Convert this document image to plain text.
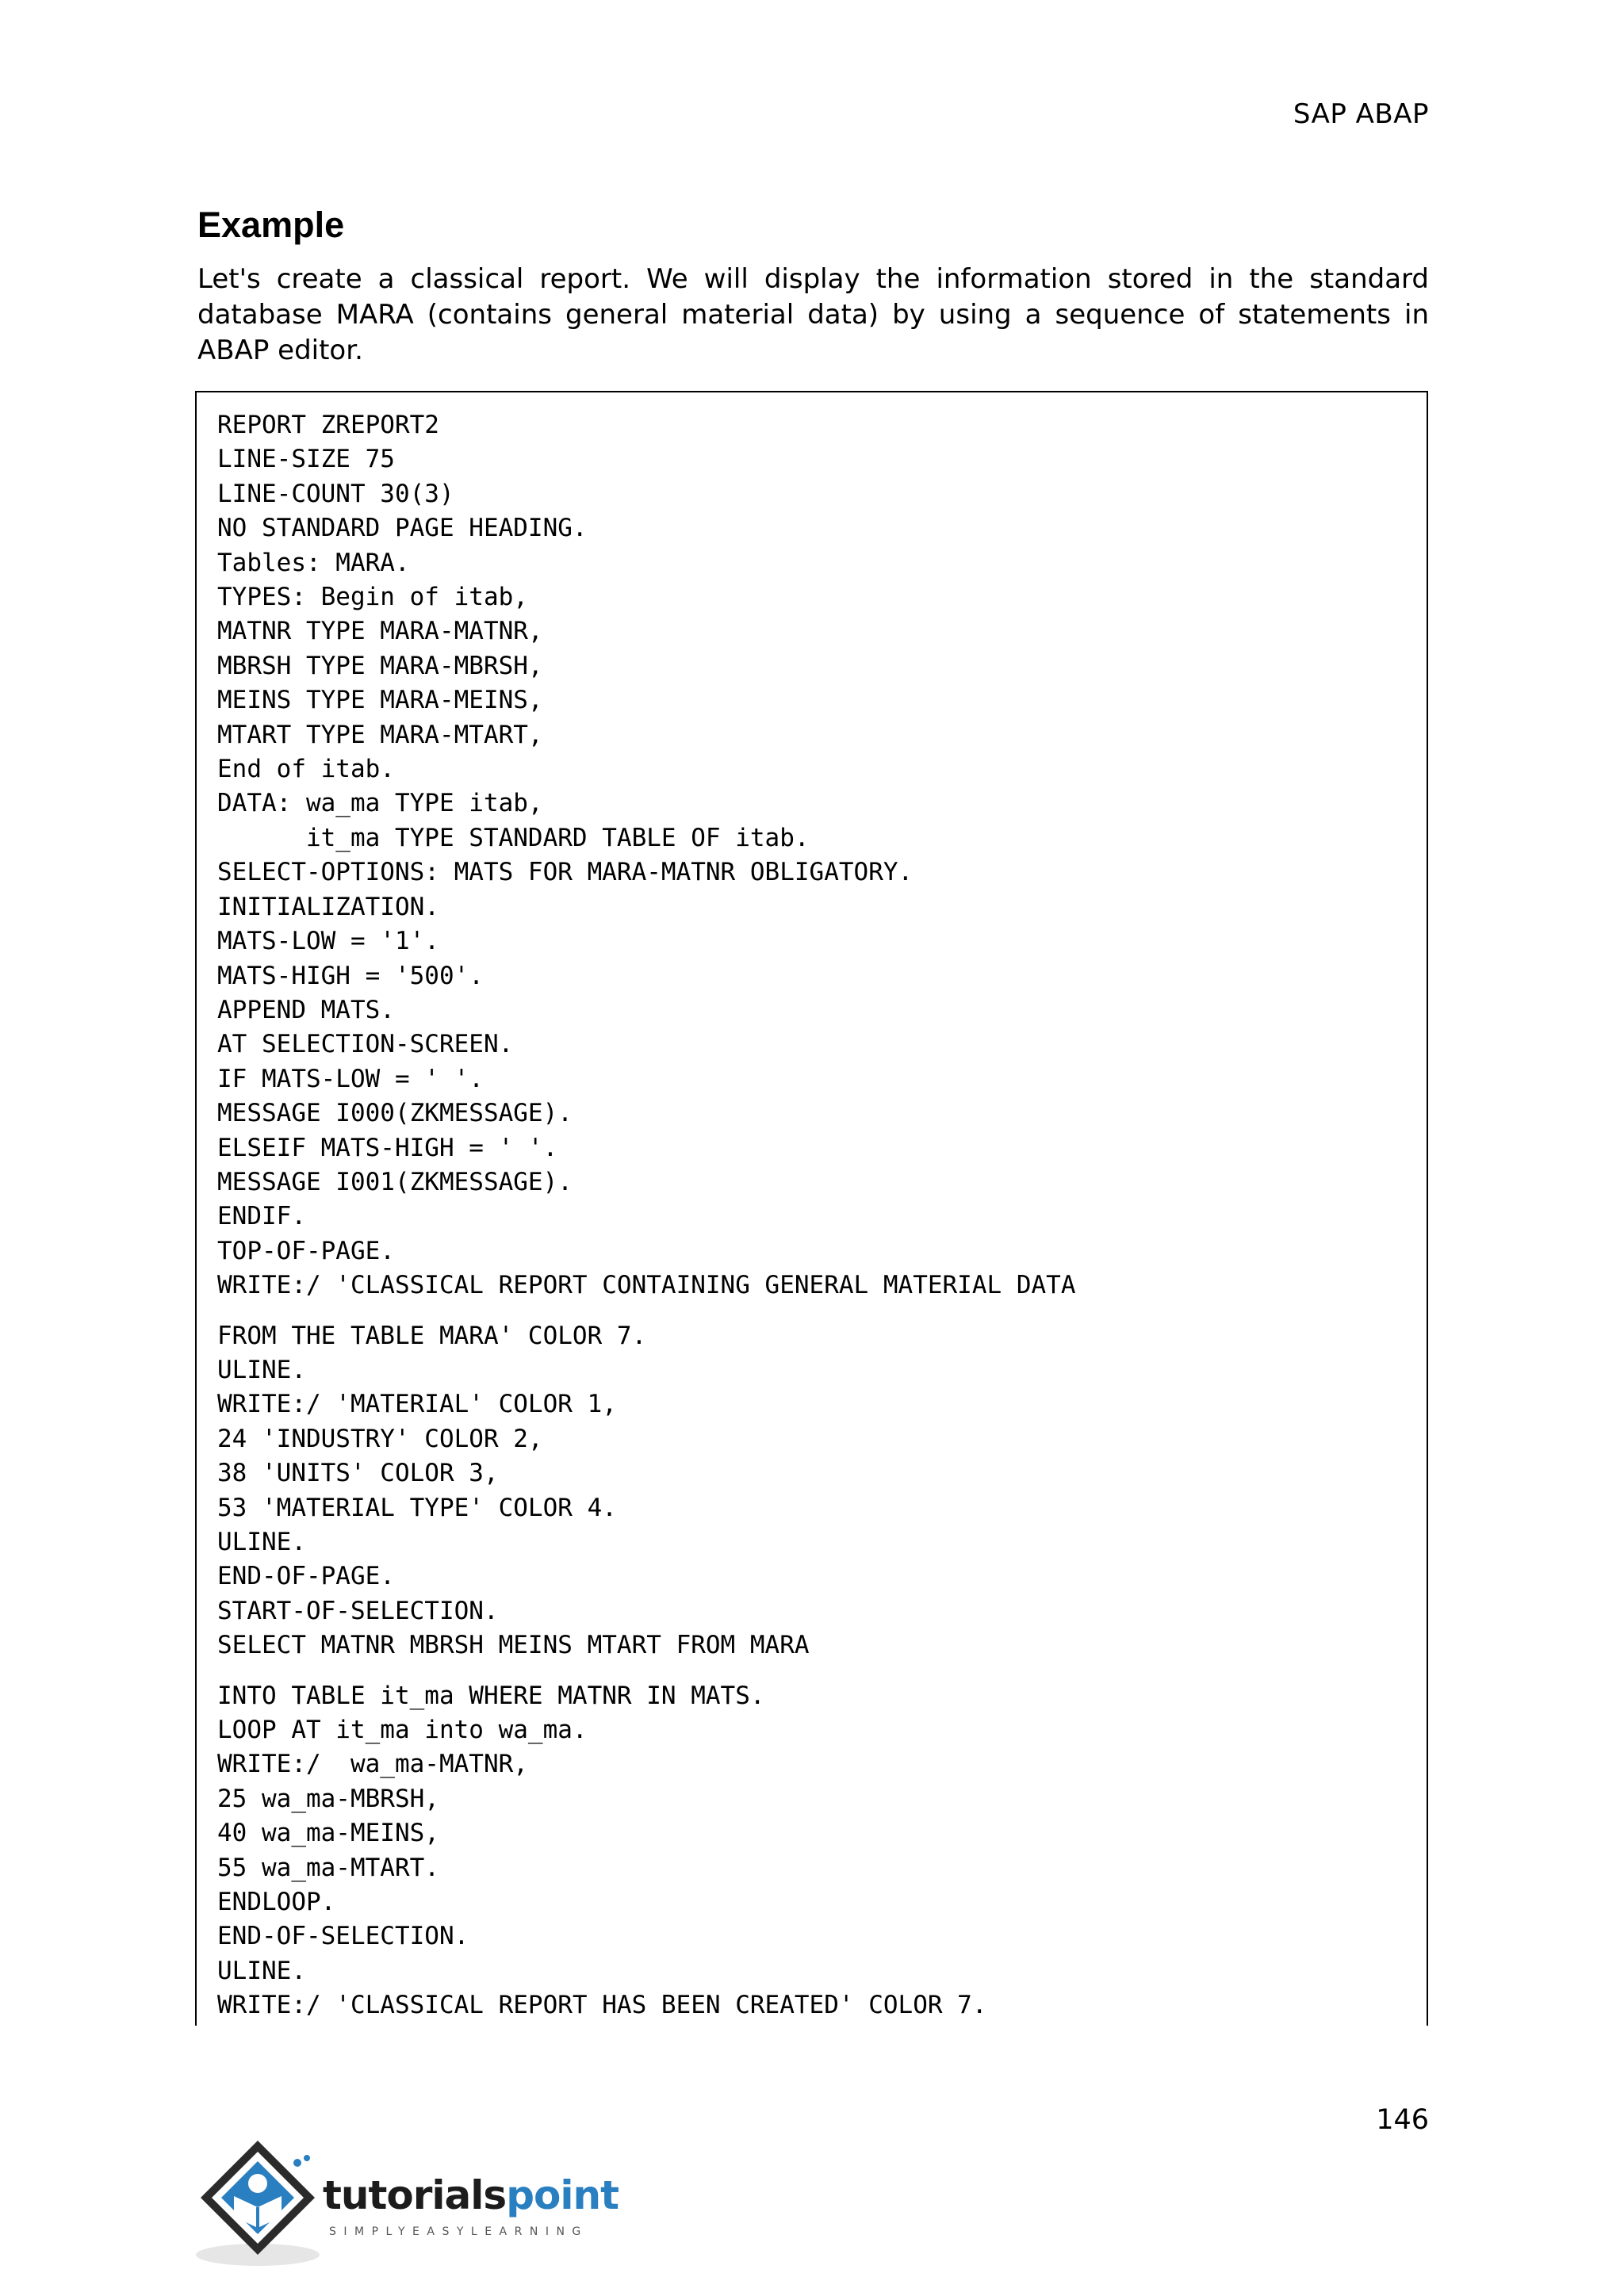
SAP ABAP
Example

Let's create a classical report. We will display the information stored in the standard database MARA (contains general material data) by using a sequence of statements in ABAP editor.

REPORT ZREPORT2
LINE-SIZE 75
LINE-COUNT 30(3)
NO STANDARD PAGE HEADING.
Tables: MARA.
TYPES: Begin of itab,
MATNR TYPE MARA-MATNR,
MBRSH TYPE MARA-MBRSH,
MEINS TYPE MARA-MEINS,
MTART TYPE MARA-MTART,
End of itab.
DATA: wa_ma TYPE itab,
it_ma TYPE STANDARD TABLE OF itab.
SELECT-OPTIONS: MATS FOR MARA-MATNR OBLIGATORY.
INITIALIZATION.
MATS-LOW = '1'.
MATS-HIGH = '500'.
APPEND MATS.
AT SELECTION-SCREEN.
IF MATS-LOW = ' '.
MESSAGE I000(ZKMESSAGE).
ELSEIF MATS-HIGH = ' '.
MESSAGE I001(ZKMESSAGE).
ENDIF.
TOP-OF-PAGE.
WRITE:/ 'CLASSICAL REPORT CONTAINING GENERAL MATERIAL DATA
FROM THE TABLE MARA' COLOR 7.
ULINE.
WRITE:/ 'MATERIAL' COLOR 1,
24 'INDUSTRY' COLOR 2,
38 'UNITS' COLOR 3,
53 'MATERIAL TYPE' COLOR 4.
ULINE.
END-OF-PAGE.
START-OF-SELECTION.
SELECT MATNR MBRSH MEINS MTART FROM MARA
INTO TABLE it_ma WHERE MATNR IN MATS.
LOOP AT it_ma into wa_ma.
WRITE:/  wa_ma-MATNR,
25 wa_ma-MBRSH,
40 wa_ma-MEINS,
55 wa_ma-MTART.
ENDLOOP.
END-OF-SELECTION.
ULINE.
WRITE:/ 'CLASSICAL REPORT HAS BEEN CREATED' COLOR 7.
146
tutorialspoint
SIMPLYEASYLEARNING
